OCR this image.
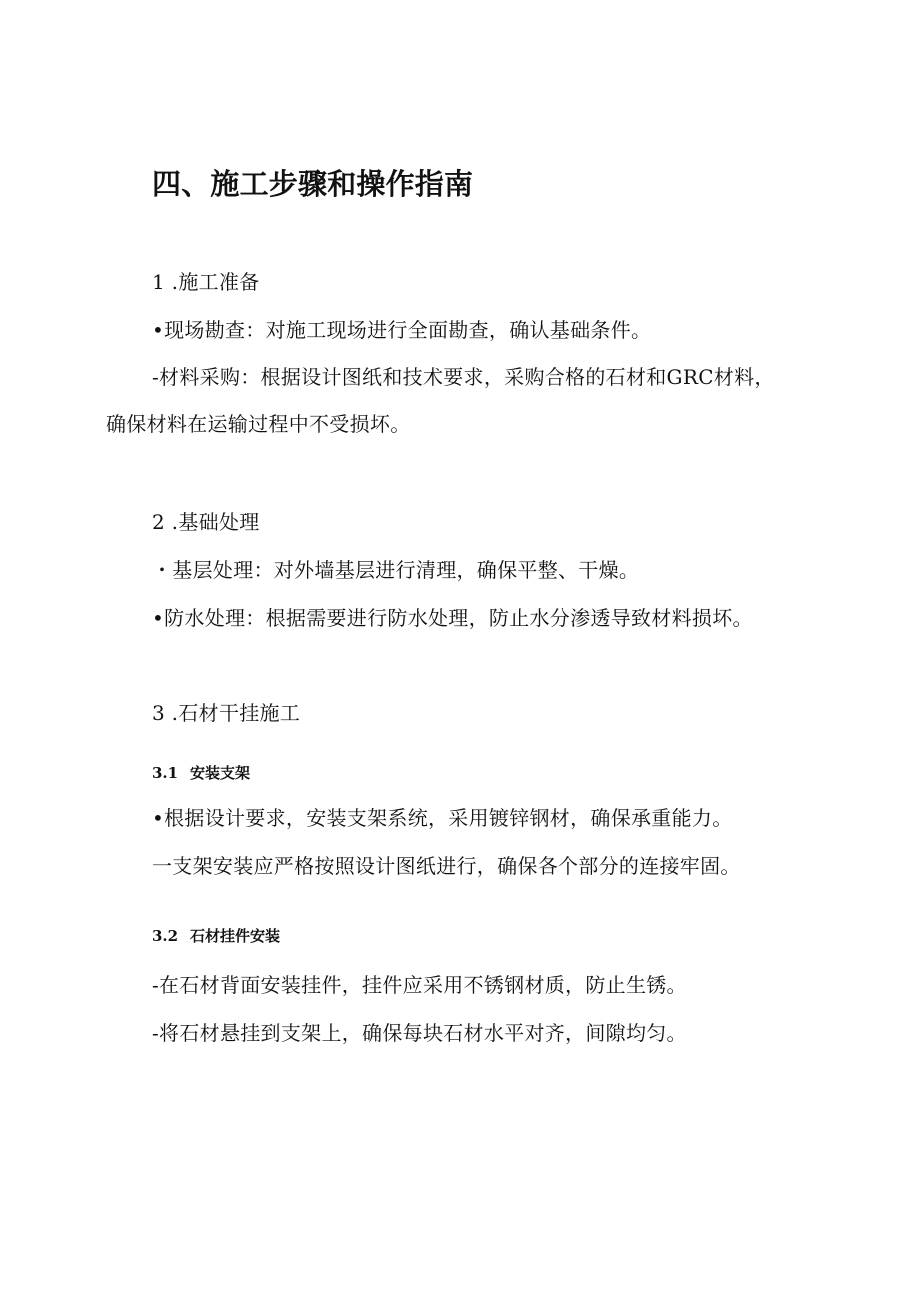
四、施工步骤和操作指南
1 .施工准备
•现场勘查：对施工现场进行全面勘查，确认基础条件。
-材料采购：根据设计图纸和技术要求，采购合格的石材和GRC材料，
确保材料在运输过程中不受损坏。
2 .基础处理
・基层处理：对外墙基层进行清理，确保平整、干燥。
•防水处理：根据需要进行防水处理，防止水分渗透导致材料损坏。
3 .石材干挂施工
3.1 安装支架
•根据设计要求，安装支架系统，采用镀锌钢材，确保承重能力。
一支架安装应严格按照设计图纸进行，确保各个部分的连接牢固。
3.2 石材挂件安装
-在石材背面安装挂件，挂件应采用不锈钢材质，防止生锈。
-将石材悬挂到支架上，确保每块石材水平对齐，间隙均匀。
